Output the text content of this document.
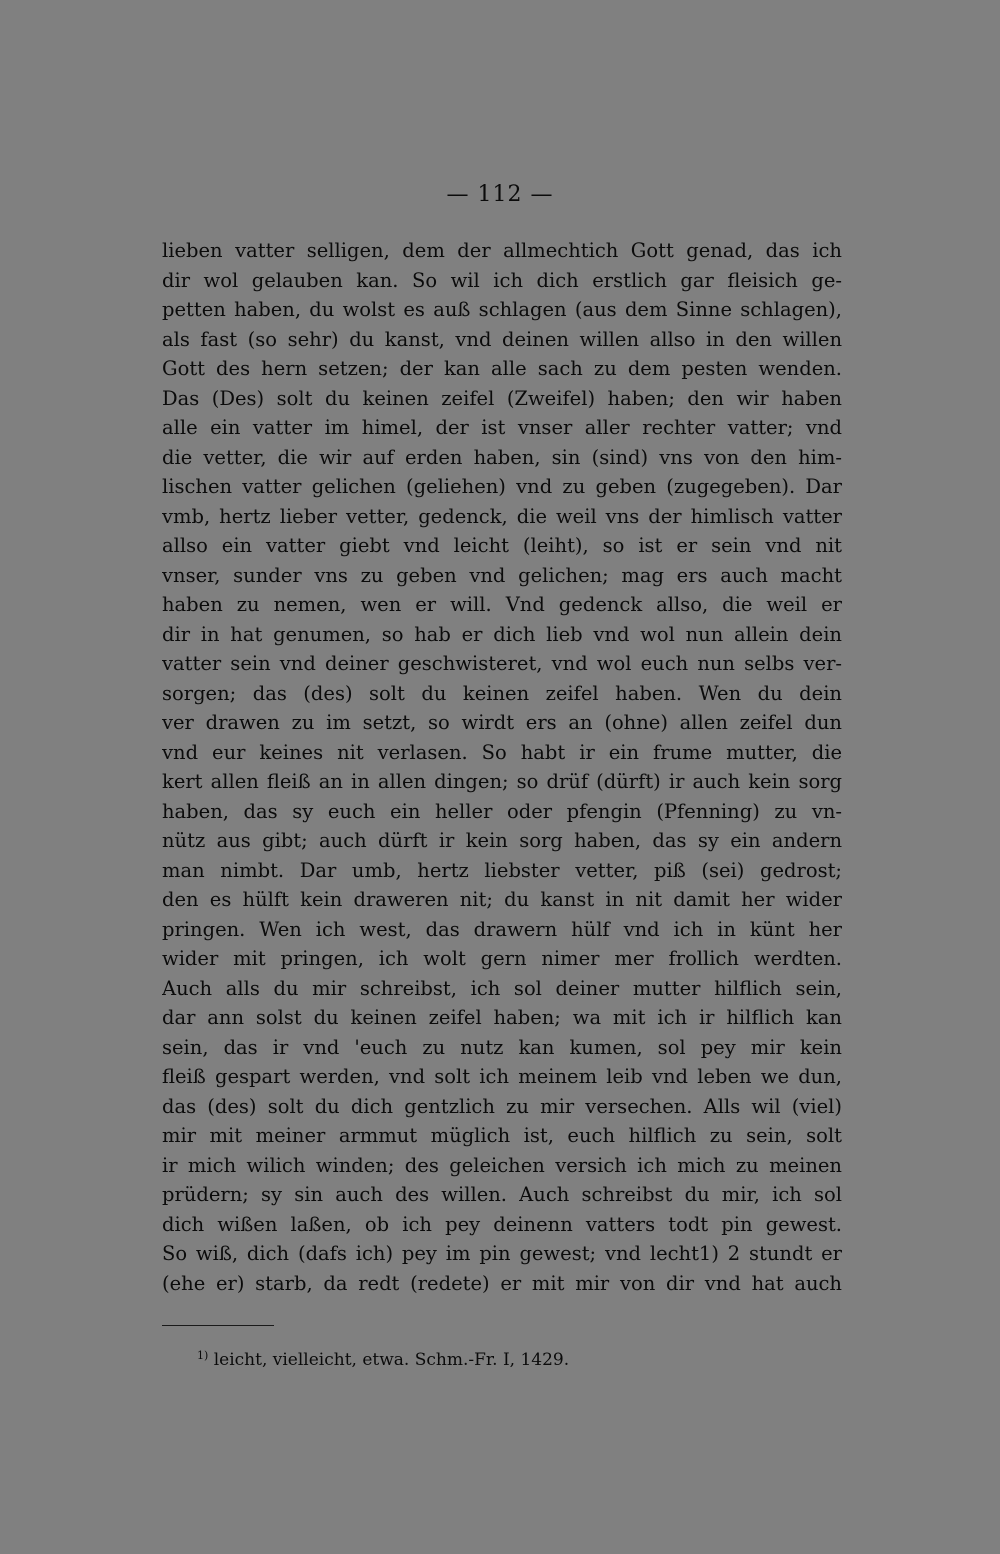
— 112 —
lieben vatter selligen, dem der allmechtich Gott genad, das ich
dir wol gelauben kan. So wil ich dich erstlich gar fleisich ge-
petten haben, du wolst es auß schlagen (aus dem Sinne schlagen),
als fast (so sehr) du kanst, vnd deinen willen allso in den willen
Gott des hern setzen; der kan alle sach zu dem pesten wenden.
Das (Des) solt du keinen zeifel (Zweifel) haben; den wir haben
alle ein vatter im himel, der ist vnser aller rechter vatter; vnd
die vetter, die wir auf erden haben, sin (sind) vns von den him-
lischen vatter gelichen (geliehen) vnd zu geben (zugegeben). Dar
vmb, hertz lieber vetter, gedenck, die weil vns der himlisch vatter
allso ein vatter giebt vnd leicht (leiht), so ist er sein vnd nit
vnser, sunder vns zu geben vnd gelichen; mag ers auch macht
haben zu nemen, wen er will. Vnd gedenck allso, die weil er
dir in hat genumen, so hab er dich lieb vnd wol nun allein dein
vatter sein vnd deiner geschwisteret, vnd wol euch nun selbs ver-
sorgen; das (des) solt du keinen zeifel haben. Wen du dein
ver drawen zu im setzt, so wirdt ers an (ohne) allen zeifel dun
vnd eur keines nit verlasen. So habt ir ein frume mutter, die
kert allen fleiß an in allen dingen; so drüf (dürft) ir auch kein sorg
haben, das sy euch ein heller oder pfengin (Pfenning) zu vn-
nütz aus gibt; auch dürft ir kein sorg haben, das sy ein andern
man nimbt. Dar umb, hertz liebster vetter, piß (sei) gedrost;
den es hülft kein draweren nit; du kanst in nit damit her wider
pringen. Wen ich west, das drawern hülf vnd ich in künt her
wider mit pringen, ich wolt gern nimer mer frollich werdten.
Auch alls du mir schreibst, ich sol deiner mutter hilflich sein,
dar ann solst du keinen zeifel haben; wa mit ich ir hilflich kan
sein, das ir vnd 'euch zu nutz kan kumen, sol pey mir kein
fleiß gespart werden, vnd solt ich meinem leib vnd leben we dun,
das (des) solt du dich gentzlich zu mir versechen. Alls wil (viel)
mir mit meiner armmut müglich ist, euch hilflich zu sein, solt
ir mich wilich winden; des geleichen versich ich mich zu meinen
prüdern; sy sin auch des willen. Auch schreibst du mir, ich sol
dich wißen laßen, ob ich pey deinenn vatters todt pin gewest.
So wiß, dich (dafs ich) pey im pin gewest; vnd lecht1) 2 stundt er
(ehe er) starb, da redt (redete) er mit mir von dir vnd hat auch
$^{1)}$ leicht, vielleicht, etwa. Schm.-Fr. I, 1429.
